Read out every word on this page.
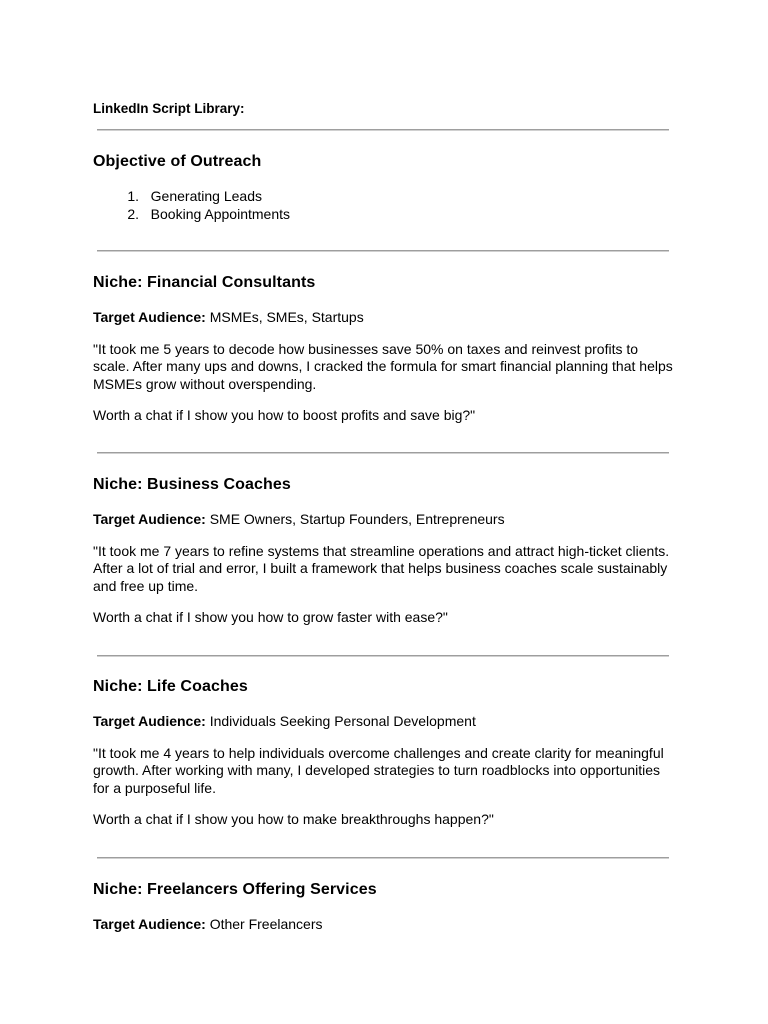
LinkedIn Script Library:

Objective of Outreach
1. Generating Leads
2. Booking Appointments
Niche: Financial Consultants

Target Audience: MSMEs, SMEs, Startups

"It took me 5 years to decode how businesses save 50% on taxes and reinvest profits to scale. After many ups and downs, I cracked the formula for smart financial planning that helps MSMEs grow without overspending.

Worth a chat if I show you how to boost profits and save big?"

Niche: Business Coaches

Target Audience: SME Owners, Startup Founders, Entrepreneurs

"It took me 7 years to refine systems that streamline operations and attract high-ticket clients. After a lot of trial and error, I built a framework that helps business coaches scale sustainably and free up time.

Worth a chat if I show you how to grow faster with ease?"

Niche: Life Coaches

Target Audience: Individuals Seeking Personal Development

"It took me 4 years to help individuals overcome challenges and create clarity for meaningful growth. After working with many, I developed strategies to turn roadblocks into opportunities for a purposeful life.

Worth a chat if I show you how to make breakthroughs happen?"

Niche: Freelancers Offering Services

Target Audience: Other Freelancers
